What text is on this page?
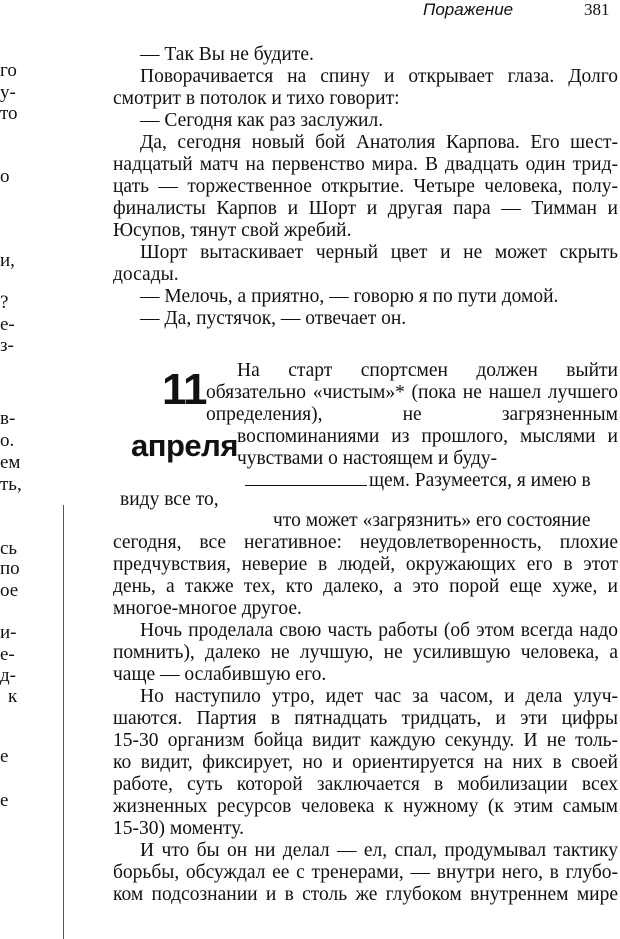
Поражение	381
го
у-
то
о
и,
?
е-
з-
в-
о.
ем
ть,
сь
по
ое
и-
е-
д-
к
е
е
— Так Вы не будите.
Поворачивается на спину и открывает глаза. Долго
смотрит в потолок и тихо говорит:
— Сегодня как раз заслужил.
Да, сегодня новый бой Анатолия Карпова. Его шест-
надцатый матч на первенство мира. В двадцать один трид-
цать — торжественное открытие. Четыре человека, полу-
финалисты Карпов и Шорт и другая пара — Тимман и
Юсупов, тянут свой жребий.
Шорт вытаскивает черный цвет и не может скрыть
досады.
— Мелочь, а приятно, — говорю я по пути домой.
— Да, пустячок, — отвечает он.
11
апреля
На старт спортсмен должен выйти
обязательно «чистым»* (пока не нашел лучшего
определения), не загрязненным
воспоминаниями из прошлого, мыслями и
чувствами о настоящем и буду-
щем. Разумеется, я имею в
виду все то,
что может «загрязнить» его состояние
сегодня, все негативное: неудовлетворенность, плохие
предчувствия, неверие в людей, окружающих его в этот
день, а также тех, кто далеко, а это порой еще хуже, и
многое-многое другое.
Ночь проделала свою часть работы (об этом всегда надо
помнить), далеко не лучшую, не усилившую человека, а
чаще — ослабившую его.
Но наступило утро, идет час за часом, и дела улуч-
шаются. Партия в пятнадцать тридцать, и эти цифры
15-30 организм бойца видит каждую секунду. И не толь-
ко видит, фиксирует, но и ориентируется на них в своей
работе, суть которой заключается в мобилизации всех
жизненных ресурсов человека к нужному (к этим самым
15-30) моменту.
И что бы он ни делал — ел, спал, продумывал тактику
борьбы, обсуждал ее с тренерами, — внутри него, в глубо-
ком подсознании и в столь же глубоком внутреннем мире
